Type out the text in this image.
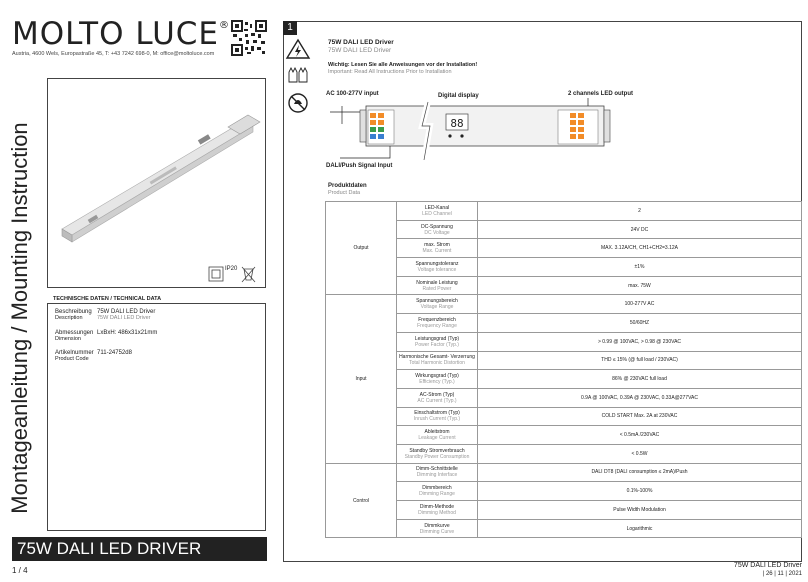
MOLTO LUCE®
Austria, 4600 Wels, Europastraße 45, T: +43 7242 698-0, M: office@moltoluce.com
Montageanleitung / Mounting Instruction	IP20
TECHNISCHE DATEN / TECHNICAL DATA
Beschreibung 75W DALI LED Driver
Description	75W DALI LED Driver
Abmessungen LxBxH: 486x31x21mm
Dimension
Artikelnummer 711-24752d8
Product Code
75W DALI LED DRIVER
1 / 4
1
75W DALI LED Driver
75W DALI LED Driver
Wichtig: Lesen Sie alle Anweisungen vor der Installation!
Important: Read All Instructions Prior to Installation
AC 100-277V input	Digital display	2 channels LED output
DALI/Push Signal Input
88
Produktdaten
Product Data
Output	LED-Kanal
LED Channel	2

	DC-Spannung
DC Voltage	24V DC

	max. Strom
Max. Current	MAX. 3.12A/CH, CH1+CH2=3.12A

	Spannungstoleranz
Voltage tolerance	±1%

	Nominale Leistung
Rated Power	max. 75W
Input	Spannungsbereich
Voltage Range	100-277V AC

	Frequenzbereich
Frequency Range	50/60HZ

	Leistungsgrad (Typ)
Power Factor (Typ.)	> 0.99 @ 100VAC, > 0.98 @ 230VAC

	Harmonische Gesamt- Verzerrung
Total Harmonic Distortion	THD ≤ 15% (@ full load / 230VAC)

	Wirkungsgrad (Typ)
Efficiency (Typ.)	86% @ 230VAC full load

	AC-Strom (Typ)
AC Current (Typ.)	0.9A @ 100VAC, 0.39A @ 230VAC, 0.33A@277VAC

	Einschaltstrom (Typ)
Inrush Current (Typ.)	COLD START Max. 2A at 230VAC

	Ableitstrom
Leakage Current	< 0.5mA /230VAC

	Standby Stromverbrauch
Standby Power Consumption	< 0.5W
Control	Dimm-Schnittstelle
Dimming Interface	DALI DT8 (DALI consumption ≤ 2mA)/Push

	Dimmbereich
Dimming Range	0.1%-100%

	Dimm-Methode
Dimming Method	Pulse Width Modulation

	Dimmkurve
Dimming Curve	Logarithmic
75W DALI LED Driver
| 26 | 11 | 2021
